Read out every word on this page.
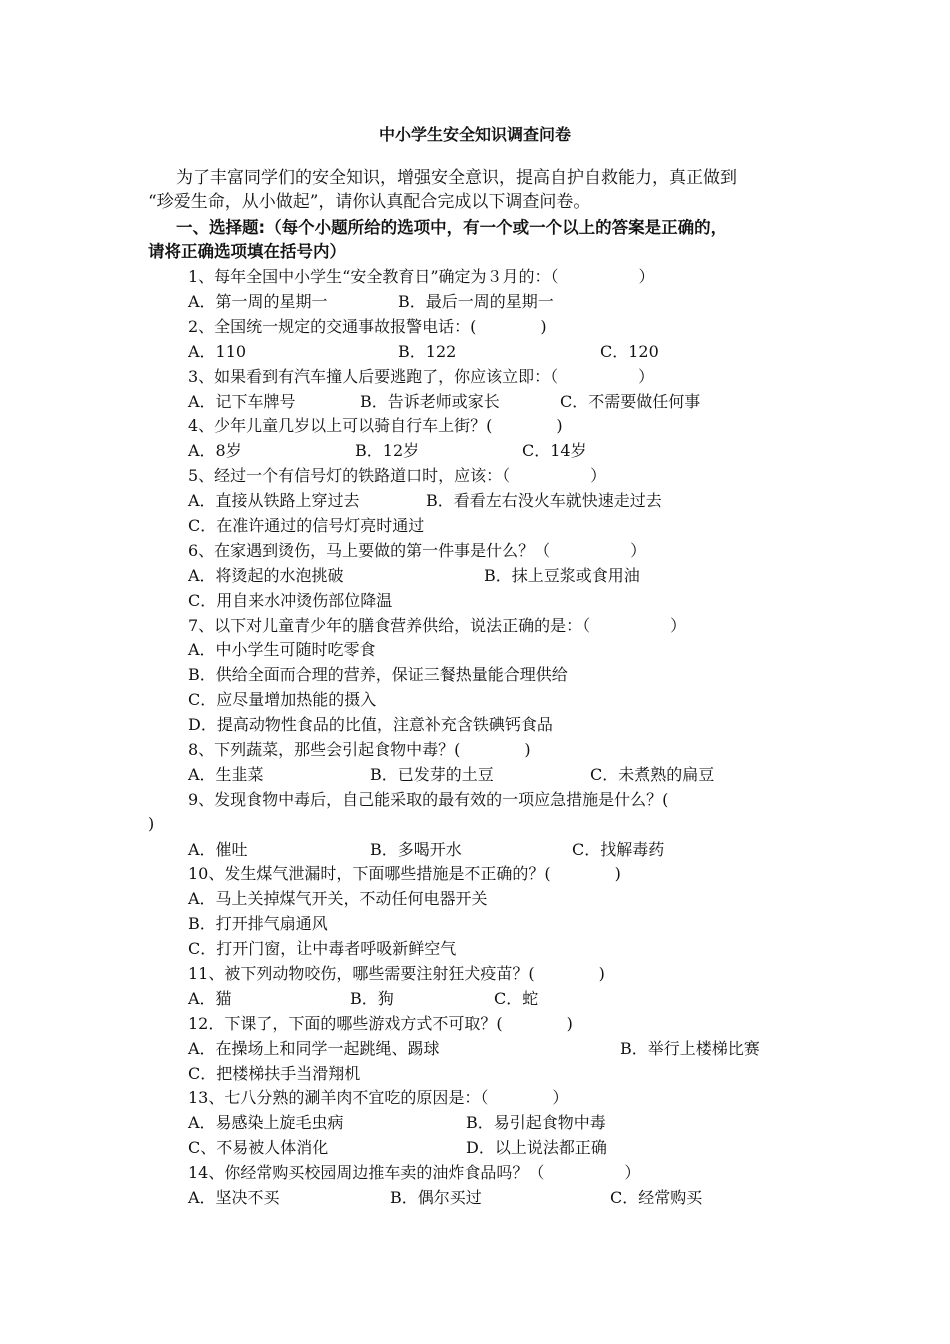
中小学生安全知识调查问卷
为了丰富同学们的安全知识，增强安全意识，提高自护自救能力，真正做到
“珍爱生命，从小做起”，请你认真配合完成以下调查问卷。
一、选择题:（每个小题所给的选项中，有一个或一个以上的答案是正确的，
请将正确选项填在括号内）
1、每年全国中小学生“安全教育日”确定为３月的：（　　　　　）
A．第一周的星期一	B．最后一周的星期一
2、全国统一规定的交通事故报警电话：(　　　　)
A．110	B．122	C．120
3、如果看到有汽车撞人后要逃跑了，你应该立即：（　　　　　）
A．记下车牌号	B．告诉老师或家长	C．不需要做任何事
4、少年儿童几岁以上可以骑自行车上街？(　　　　)
A．8岁	B．12岁	C．14岁
5、经过一个有信号灯的铁路道口时，应该：（　　　　　）
A．直接从铁路上穿过去	B．看看左右没火车就快速走过去
C．在准许通过的信号灯亮时通过
6、在家遇到烫伤，马上要做的第一件事是什么？（　　　　　）
A．将烫起的水泡挑破	B．抹上豆浆或食用油
C．用自来水冲烫伤部位降温
7、以下对儿童青少年的膳食营养供给，说法正确的是：（　　　　　）
A．中小学生可随时吃零食
B．供给全面而合理的营养，保证三餐热量能合理供给
C．应尽量增加热能的摄入
D．提高动物性食品的比值，注意补充含铁碘钙食品
8、下列蔬菜，那些会引起食物中毒？(　　　　)
A．生韭菜	B．已发芽的土豆	C．未煮熟的扁豆
9、发现食物中毒后，自己能采取的最有效的一项应急措施是什么？(
)
A．催吐	B．多喝开水	C．找解毒药
10、发生煤气泄漏时，下面哪些措施是不正确的？(　　　　)
A．马上关掉煤气开关，不动任何电器开关
B．打开排气扇通风
C．打开门窗，让中毒者呼吸新鲜空气
11、被下列动物咬伤，哪些需要注射狂犬疫苗？(　　　　)
A．猫	B．狗	C．蛇
12．下课了，下面的哪些游戏方式不可取？(　　　　)
A．在操场上和同学一起跳绳、踢球	B．举行上楼梯比赛
C．把楼梯扶手当滑翔机
13、七八分熟的涮羊肉不宜吃的原因是：（　　　　）
A．易感染上旋毛虫病	B．易引起食物中毒
C、不易被人体消化	D．以上说法都正确
14、你经常购买校园周边推车卖的油炸食品吗？（　　　　　）
A．坚决不买	B．偶尔买过	C．经常购买
